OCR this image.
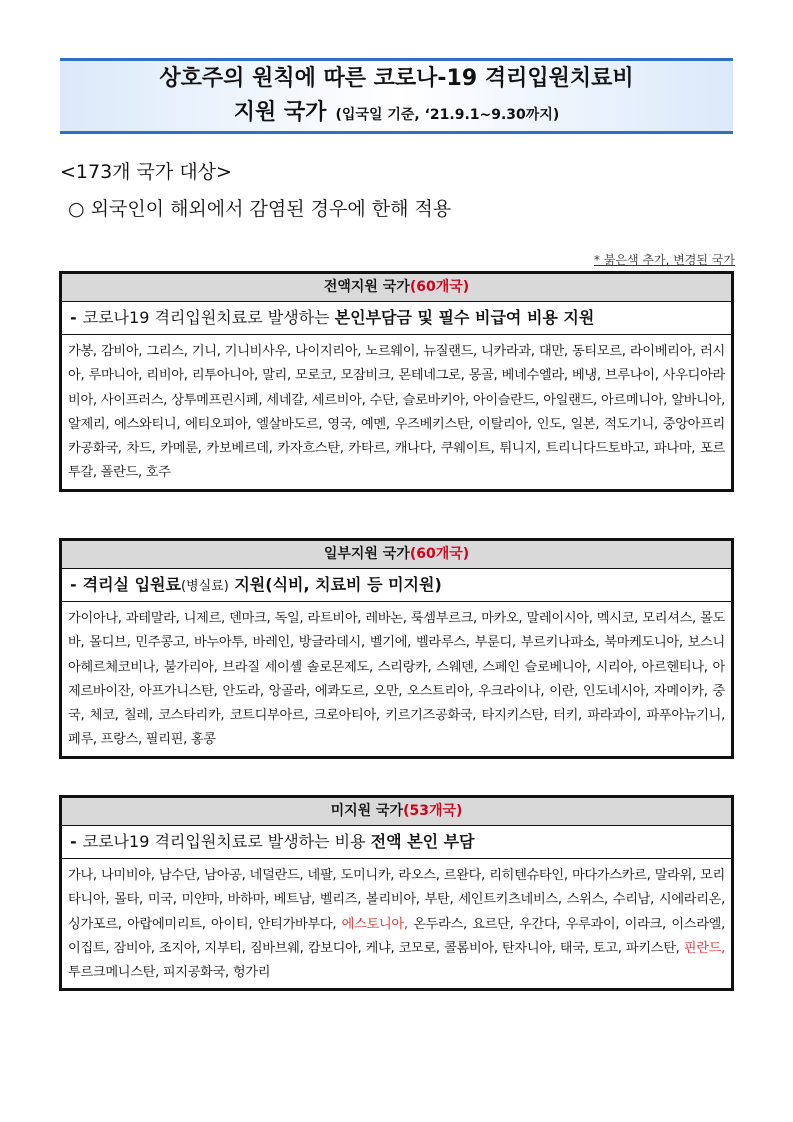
상호주의 원칙에 따른 코로나-19 격리입원치료비
지원 국가 (입국일 기준, ‘21.9.1~9.30까지)
<173개 국가 대상>
○ 외국인이 해외에서 감염된 경우에 한해 적용
* 붉은색 추가, 변경된 국가
전액지원 국가(60개국)
- 코로나19 격리입원치료로 발생하는 본인부담금 및 필수 비급여 비용 지원
가봉, 감비아, 그리스, 기니, 기니비사우, 나이지리아, 노르웨이, 뉴질랜드, 니카라과, 대만, 동티모르, 라이베리아, 러시아, 루마니아, 리비아, 리투아니아, 말리, 모로코, 모잠비크, 몬테네그로, 몽골, 베네수엘라, 베냉, 브루나이, 사우디아라비아, 사이프러스, 상투메프린시페, 세네갈, 세르비아, 수단, 슬로바키아, 아이슬란드, 아일랜드, 아르메니아, 알바니아, 알제리, 에스와티니, 에티오피아, 엘살바도르, 영국, 예멘, 우즈베키스탄, 이탈리아, 인도, 일본, 적도기니, 중앙아프리카공화국, 차드, 카메룬, 카보베르데, 카자흐스탄, 카타르, 캐나다, 쿠웨이트, 튀니지, 트리니다드토바고, 파나마, 포르투갈, 폴란드, 호주
일부지원 국가(60개국)
- 격리실 입원료(병실료) 지원(식비, 치료비 등 미지원)
가이아나, 과테말라, 니제르, 덴마크, 독일, 라트비아, 레바논, 룩셈부르크, 마카오, 말레이시아, 멕시코, 모리셔스, 몰도바, 몰디브, 민주콩고, 바누아투, 바레인, 방글라데시, 벨기에, 벨라루스, 부룬디, 부르키나파소, 북마케도니아, 보스니아헤르체코비나, 불가리아, 브라질 세이셸 솔로몬제도, 스리랑카, 스웨덴, 스페인 슬로베니아, 시리아, 아르헨티나, 아제르바이잔, 아프가니스탄, 안도라, 앙골라, 에콰도르, 오만, 오스트리아, 우크라이나, 이란, 인도네시아, 자메이카, 중국, 체코, 칠레, 코스타리카, 코트디부아르, 크로아티아, 키르기즈공화국, 타지키스탄, 터키, 파라과이, 파푸아뉴기니, 페루, 프랑스, 필리핀, 홍콩
미지원 국가(53개국)
- 코로나19 격리입원치료로 발생하는 비용 전액 본인 부담
가나, 나미비아, 남수단, 남아공, 네덜란드, 네팔, 도미니카, 라오스, 르완다, 리히텐슈타인, 마다가스카르, 말라위, 모리타니아, 몰타, 미국, 미얀마, 바하마, 베트남, 벨리즈, 볼리비아, 부탄, 세인트키츠네비스, 스위스, 수리남, 시에라리온, 싱가포르, 아랍에미리트, 아이티, 안티가바부다, 에스토니아, 온두라스, 요르단, 우간다, 우루과이, 이라크, 이스라엘, 이집트, 잠비아, 조지아, 지부티, 짐바브웨, 캄보디아, 케냐, 코모로, 콜롬비아, 탄자니아, 태국, 토고, 파키스탄, 핀란드, 투르크메니스탄, 피지공화국, 헝가리
